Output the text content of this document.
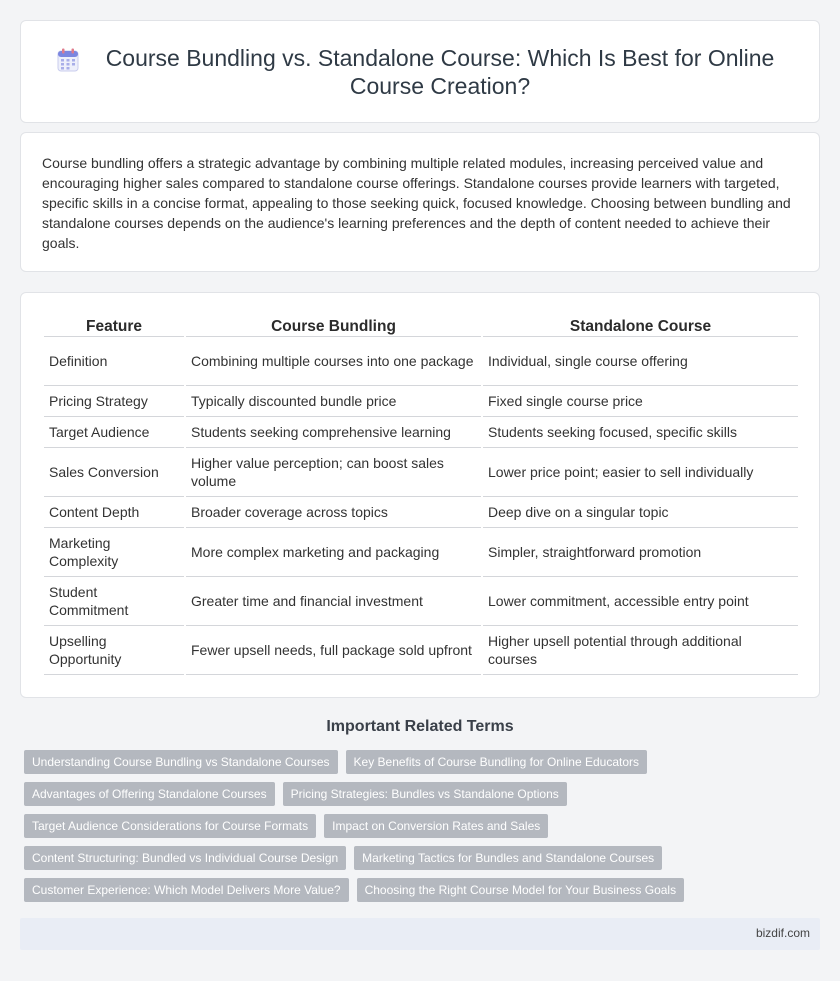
Course Bundling vs. Standalone Course: Which Is Best for Online Course Creation?

Course bundling offers a strategic advantage by combining multiple related modules, increasing perceived value and encouraging higher sales compared to standalone course offerings. Standalone courses provide learners with targeted, specific skills in a concise format, appealing to those seeking quick, focused knowledge. Choosing between bundling and standalone courses depends on the audience's learning preferences and the depth of content needed to achieve their goals.

Feature	Course Bundling	Standalone Course
Definition	Combining multiple courses into one package	Individual, single course offering
Pricing Strategy	Typically discounted bundle price	Fixed single course price
Target Audience	Students seeking comprehensive learning	Students seeking focused, specific skills
Sales Conversion	Higher value perception; can boost sales volume	Lower price point; easier to sell individually
Content Depth	Broader coverage across topics	Deep dive on a singular topic
Marketing Complexity	More complex marketing and packaging	Simpler, straightforward promotion
Student Commitment	Greater time and financial investment	Lower commitment, accessible entry point
Upselling Opportunity	Fewer upsell needs, full package sold upfront	Higher upsell potential through additional courses
Important Related Terms
Understanding Course Bundling vs Standalone Courses	Key Benefits of Course Bundling for Online Educators
Advantages of Offering Standalone Courses	Pricing Strategies: Bundles vs Standalone Options
Target Audience Considerations for Course Formats	Impact on Conversion Rates and Sales
Content Structuring: Bundled vs Individual Course Design	Marketing Tactics for Bundles and Standalone Courses
Customer Experience: Which Model Delivers More Value?	Choosing the Right Course Model for Your Business Goals
bizdif.com
